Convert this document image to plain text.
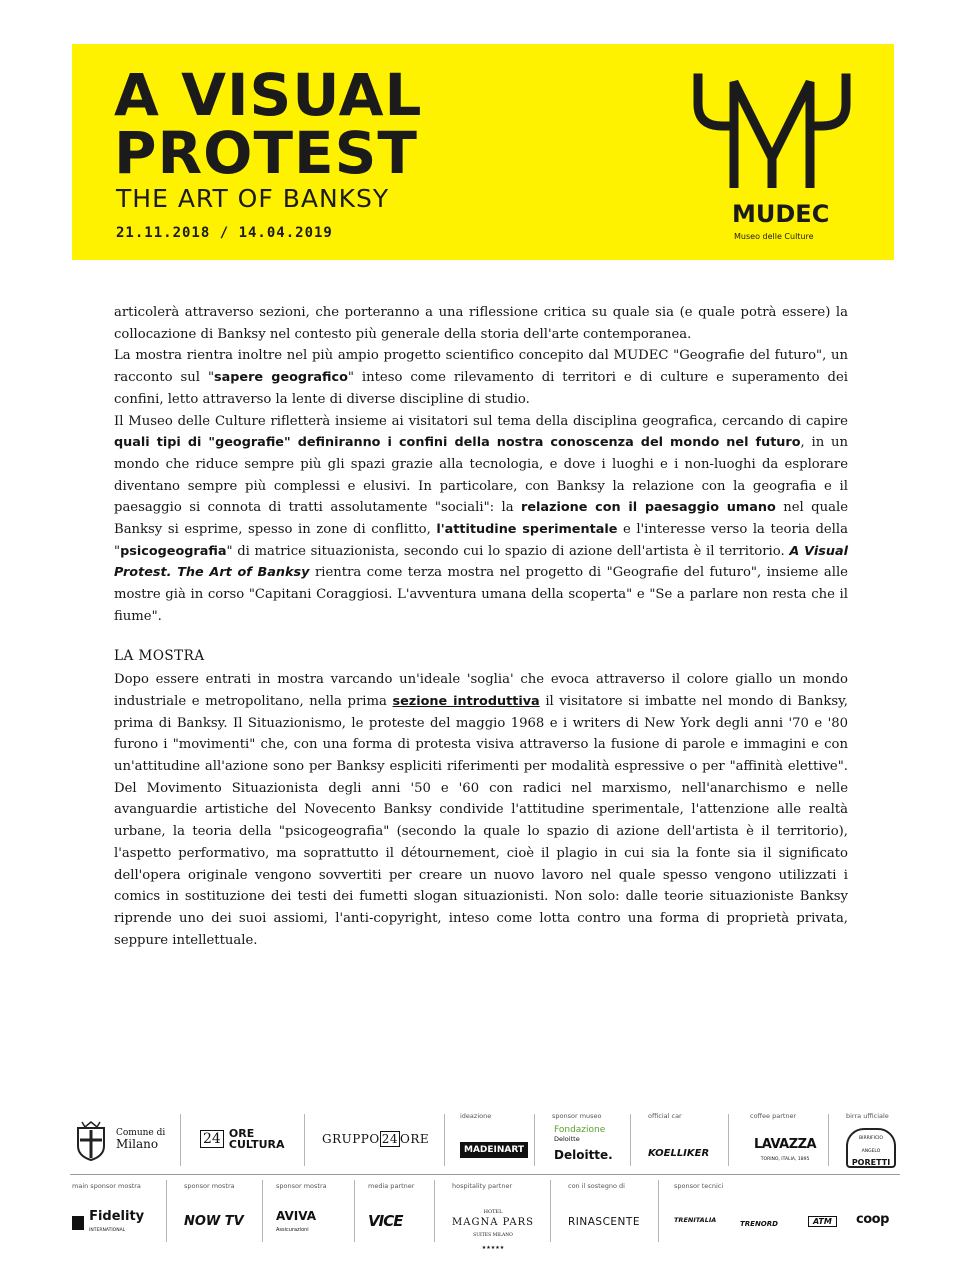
A VISUAL
PROTEST
THE ART OF BANKSY
21.11.2018 / 14.04.2019
MUDEC
Museo delle Culture

articolerà attraverso sezioni, che porteranno a una riflessione critica su quale sia (e quale potrà essere) la collocazione di Banksy nel contesto più generale della storia dell'arte contemporanea.

La mostra rientra inoltre nel più ampio progetto scientifico concepito dal MUDEC "Geografie del futuro", un racconto sul "sapere geografico" inteso come rilevamento di territori e di culture e superamento dei confini, letto attraverso la lente di diverse discipline di studio.

Il Museo delle Culture rifletterà insieme ai visitatori sul tema della disciplina geografica, cercando di capire quali tipi di "geografie" definiranno i confini della nostra conoscenza del mondo nel futuro, in un mondo che riduce sempre più gli spazi grazie alla tecnologia, e dove i luoghi e i non-luoghi da esplorare diventano sempre più complessi e elusivi. In particolare, con Banksy la relazione con la geografia e il paesaggio si connota di tratti assolutamente "sociali": la relazione con il paesaggio umano nel quale Banksy si esprime, spesso in zone di conflitto, l'attitudine sperimentale e l'interesse verso la teoria della "psicogeografia" di matrice situazionista, secondo cui lo spazio di azione dell'artista è il territorio. A Visual Protest. The Art of Banksy rientra come terza mostra nel progetto di "Geografie del futuro", insieme alle mostre già in corso "Capitani Coraggiosi. L'avventura umana della scoperta" e "Se a parlare non resta che il fiume".

LA MOSTRA

Dopo essere entrati in mostra varcando un'ideale 'soglia' che evoca attraverso il colore giallo un mondo industriale e metropolitano, nella prima sezione introduttiva il visitatore si imbatte nel mondo di Banksy, prima di Banksy. Il Situazionismo, le proteste del maggio 1968 e i writers di New York degli anni '70 e '80 furono i "movimenti" che, con una forma di protesta visiva attraverso la fusione di parole e immagini e con un'attitudine all'azione sono per Banksy espliciti riferimenti per modalità espressive o per "affinità elettive". Del Movimento Situazionista degli anni '50 e '60 con radici nel marxismo, nell'anarchismo e nelle avanguardie artistiche del Novecento Banksy condivide l'attitudine sperimentale, l'attenzione alle realtà urbane, la teoria della "psicogeografia" (secondo la quale lo spazio di azione dell'artista è il territorio), l'aspetto performativo, ma soprattutto il détournement, cioè il plagio in cui sia la fonte sia il significato dell'opera originale vengono sovvertiti per creare un nuovo lavoro nel quale spesso vengono utilizzati i comics in sostituzione dei testi dei fumetti slogan situazionisti. Non solo: dalle teorie situazioniste Banksy riprende uno dei suoi assiomi, l'anti-copyright, inteso come lotta contro una forma di proprietà privata, seppure intellettuale.

Comune di
Milano	24 ORE
CULTURA	GRUPPO 24 ORE
ideazione
MADEINART
sponsor museo
Fondazione
Deloitte
Deloitte.
official car
KOELLIKER
coffee partner
LAVAZZA
TORINO, ITALIA, 1895
birra ufficiale
BIRRIFICIO
ANGELO
PORETTI
main sponsor mostra
Fidelity
INTERNATIONAL
sponsor mostra
NOW TV
sponsor mostra
AVIVA
Assicurazioni
media partner
VICE
hospitality partner
HOTEL
MAGNA PARS
SUITES MILANO
★★★★★
con il sostegno di
RINASCENTE
sponsor tecnici
TRENITALIA	TRENORD	ATM	coop
